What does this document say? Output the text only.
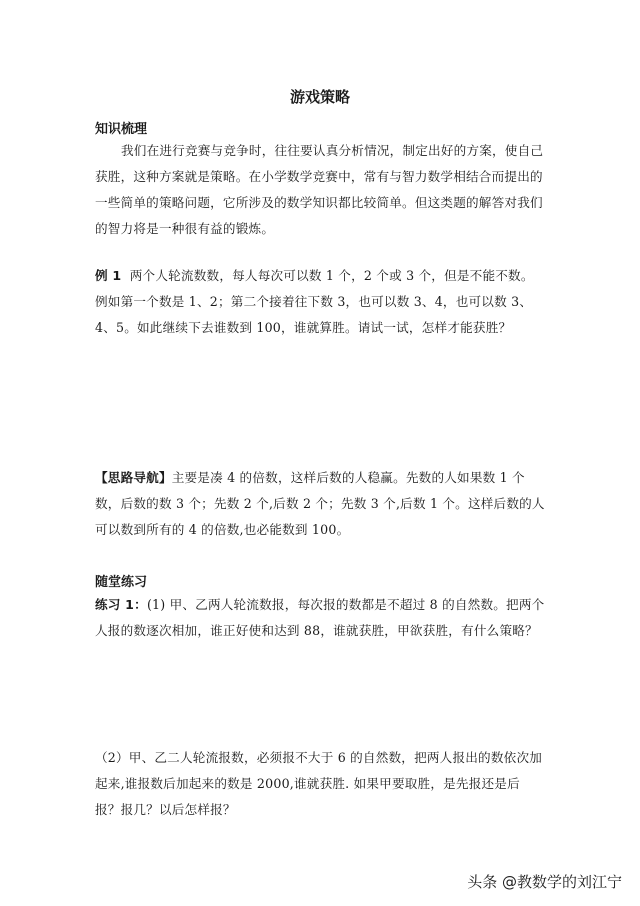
游戏策略
知识梳理

我们在进行竞赛与竞争时，往往要认真分析情况，制定出好的方案，使自己获胜，这种方案就是策略。在小学数学竞赛中，常有与智力数学相结合而提出的一些简单的策略问题，它所涉及的数学知识都比较简单。但这类题的解答对我们的智力将是一种很有益的锻炼。

例 1 两个人轮流数数，每人每次可以数 1 个，2 个或 3 个，但是不能不数。例如第一个数是 1、2；第二个接着往下数 3，也可以数 3、4，也可以数 3、4、5。如此继续下去谁数到 100，谁就算胜。请试一试，怎样才能获胜？

【思路导航】主要是凑 4 的倍数，这样后数的人稳赢。先数的人如果数 1 个数，后数的数 3 个；先数 2 个,后数 2 个；先数 3 个,后数 1 个。这样后数的人可以数到所有的 4 的倍数,也必能数到 100。

随堂练习

练习 1：(1) 甲、乙两人轮流数报，每次报的数都是不超过 8 的自然数。把两个人报的数逐次相加，谁正好使和达到 88，谁就获胜，甲欲获胜，有什么策略？

（2）甲、乙二人轮流报数，必须报不大于 6 的自然数，把两人报出的数依次加起来,谁报数后加起来的数是 2000,谁就获胜. 如果甲要取胜，是先报还是后报？报几？以后怎样报？

头条 @教数学的刘江宁
